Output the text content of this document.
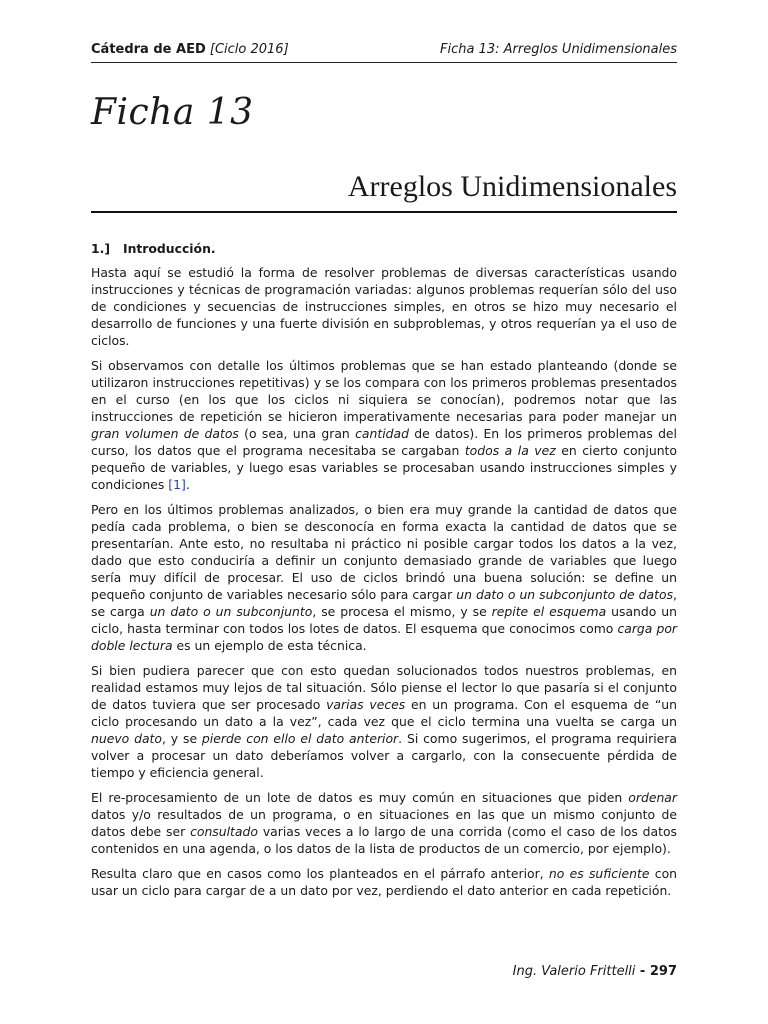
Cátedra de AED [Ciclo 2016]	Ficha 13: Arreglos Unidimensionales
Ficha 13
Arreglos Unidimensionales
1.] Introducción.

Hasta aquí se estudió la forma de resolver problemas de diversas características usando instrucciones y técnicas de programación variadas: algunos problemas requerían sólo del uso de condiciones y secuencias de instrucciones simples, en otros se hizo muy necesario el desarrollo de funciones y una fuerte división en subproblemas, y otros requerían ya el uso de ciclos.

Si observamos con detalle los últimos problemas que se han estado planteando (donde se utilizaron instrucciones repetitivas) y se los compara con los primeros problemas presentados en el curso (en los que los ciclos ni siquiera se conocían), podremos notar que las instrucciones de repetición se hicieron imperativamente necesarias para poder manejar un gran volumen de datos (o sea, una gran cantidad de datos). En los primeros problemas del curso, los datos que el programa necesitaba se cargaban todos a la vez en cierto conjunto pequeño de variables, y luego esas variables se procesaban usando instrucciones simples y condiciones [1].

Pero en los últimos problemas analizados, o bien era muy grande la cantidad de datos que pedía cada problema, o bien se desconocía en forma exacta la cantidad de datos que se presentarían. Ante esto, no resultaba ni práctico ni posible cargar todos los datos a la vez, dado que esto conduciría a definir un conjunto demasiado grande de variables que luego sería muy difícil de procesar. El uso de ciclos brindó una buena solución: se define un pequeño conjunto de variables necesario sólo para cargar un dato o un subconjunto de datos, se carga un dato o un subconjunto, se procesa el mismo, y se repite el esquema usando un ciclo, hasta terminar con todos los lotes de datos. El esquema que conocimos como carga por doble lectura es un ejemplo de esta técnica.

Si bien pudiera parecer que con esto quedan solucionados todos nuestros problemas, en realidad estamos muy lejos de tal situación. Sólo piense el lector lo que pasaría si el conjunto de datos tuviera que ser procesado varias veces en un programa. Con el esquema de “un ciclo procesando un dato a la vez”, cada vez que el ciclo termina una vuelta se carga un nuevo dato, y se pierde con ello el dato anterior. Si como sugerimos, el programa requiriera volver a procesar un dato deberíamos volver a cargarlo, con la consecuente pérdida de tiempo y eficiencia general.

El re-procesamiento de un lote de datos es muy común en situaciones que piden ordenar datos y/o resultados de un programa, o en situaciones en las que un mismo conjunto de datos debe ser consultado varias veces a lo largo de una corrida (como el caso de los datos contenidos en una agenda, o los datos de la lista de productos de un comercio, por ejemplo).

Resulta claro que en casos como los planteados en el párrafo anterior, no es suficiente con usar un ciclo para cargar de a un dato por vez, perdiendo el dato anterior en cada repetición.

Ing. Valerio Frittelli - 297
